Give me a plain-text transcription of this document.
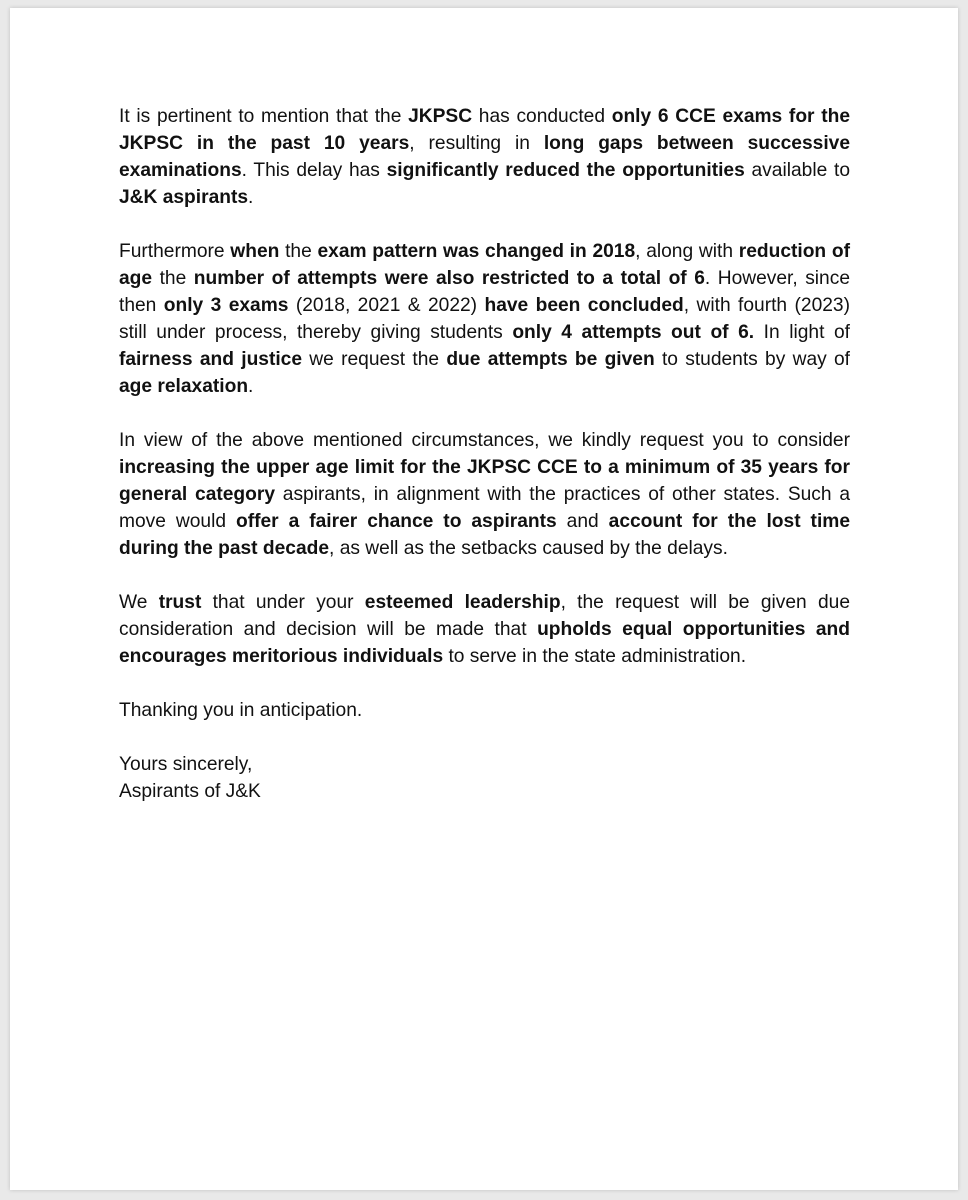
It is pertinent to mention that the JKPSC has conducted only 6 CCE exams for the JKPSC in the past 10 years, resulting in long gaps between successive examinations. This delay has significantly reduced the opportunities available to J&K aspirants.

Furthermore when the exam pattern was changed in 2018, along with reduction of age the number of attempts were also restricted to a total of 6. However, since then only 3 exams (2018, 2021 & 2022) have been concluded, with fourth (2023) still under process, thereby giving students only 4 attempts out of 6. In light of fairness and justice we request the due attempts be given to students by way of age relaxation.

In view of the above mentioned circumstances, we kindly request you to consider increasing the upper age limit for the JKPSC CCE to a minimum of 35 years for general category aspirants, in alignment with the practices of other states. Such a move would offer a fairer chance to aspirants and account for the lost time during the past decade, as well as the setbacks caused by the delays.

We trust that under your esteemed leadership, the request will be given due consideration and decision will be made that upholds equal opportunities and encourages meritorious individuals to serve in the state administration.

Thanking you in anticipation.

Yours sincerely,

Aspirants of J&K
